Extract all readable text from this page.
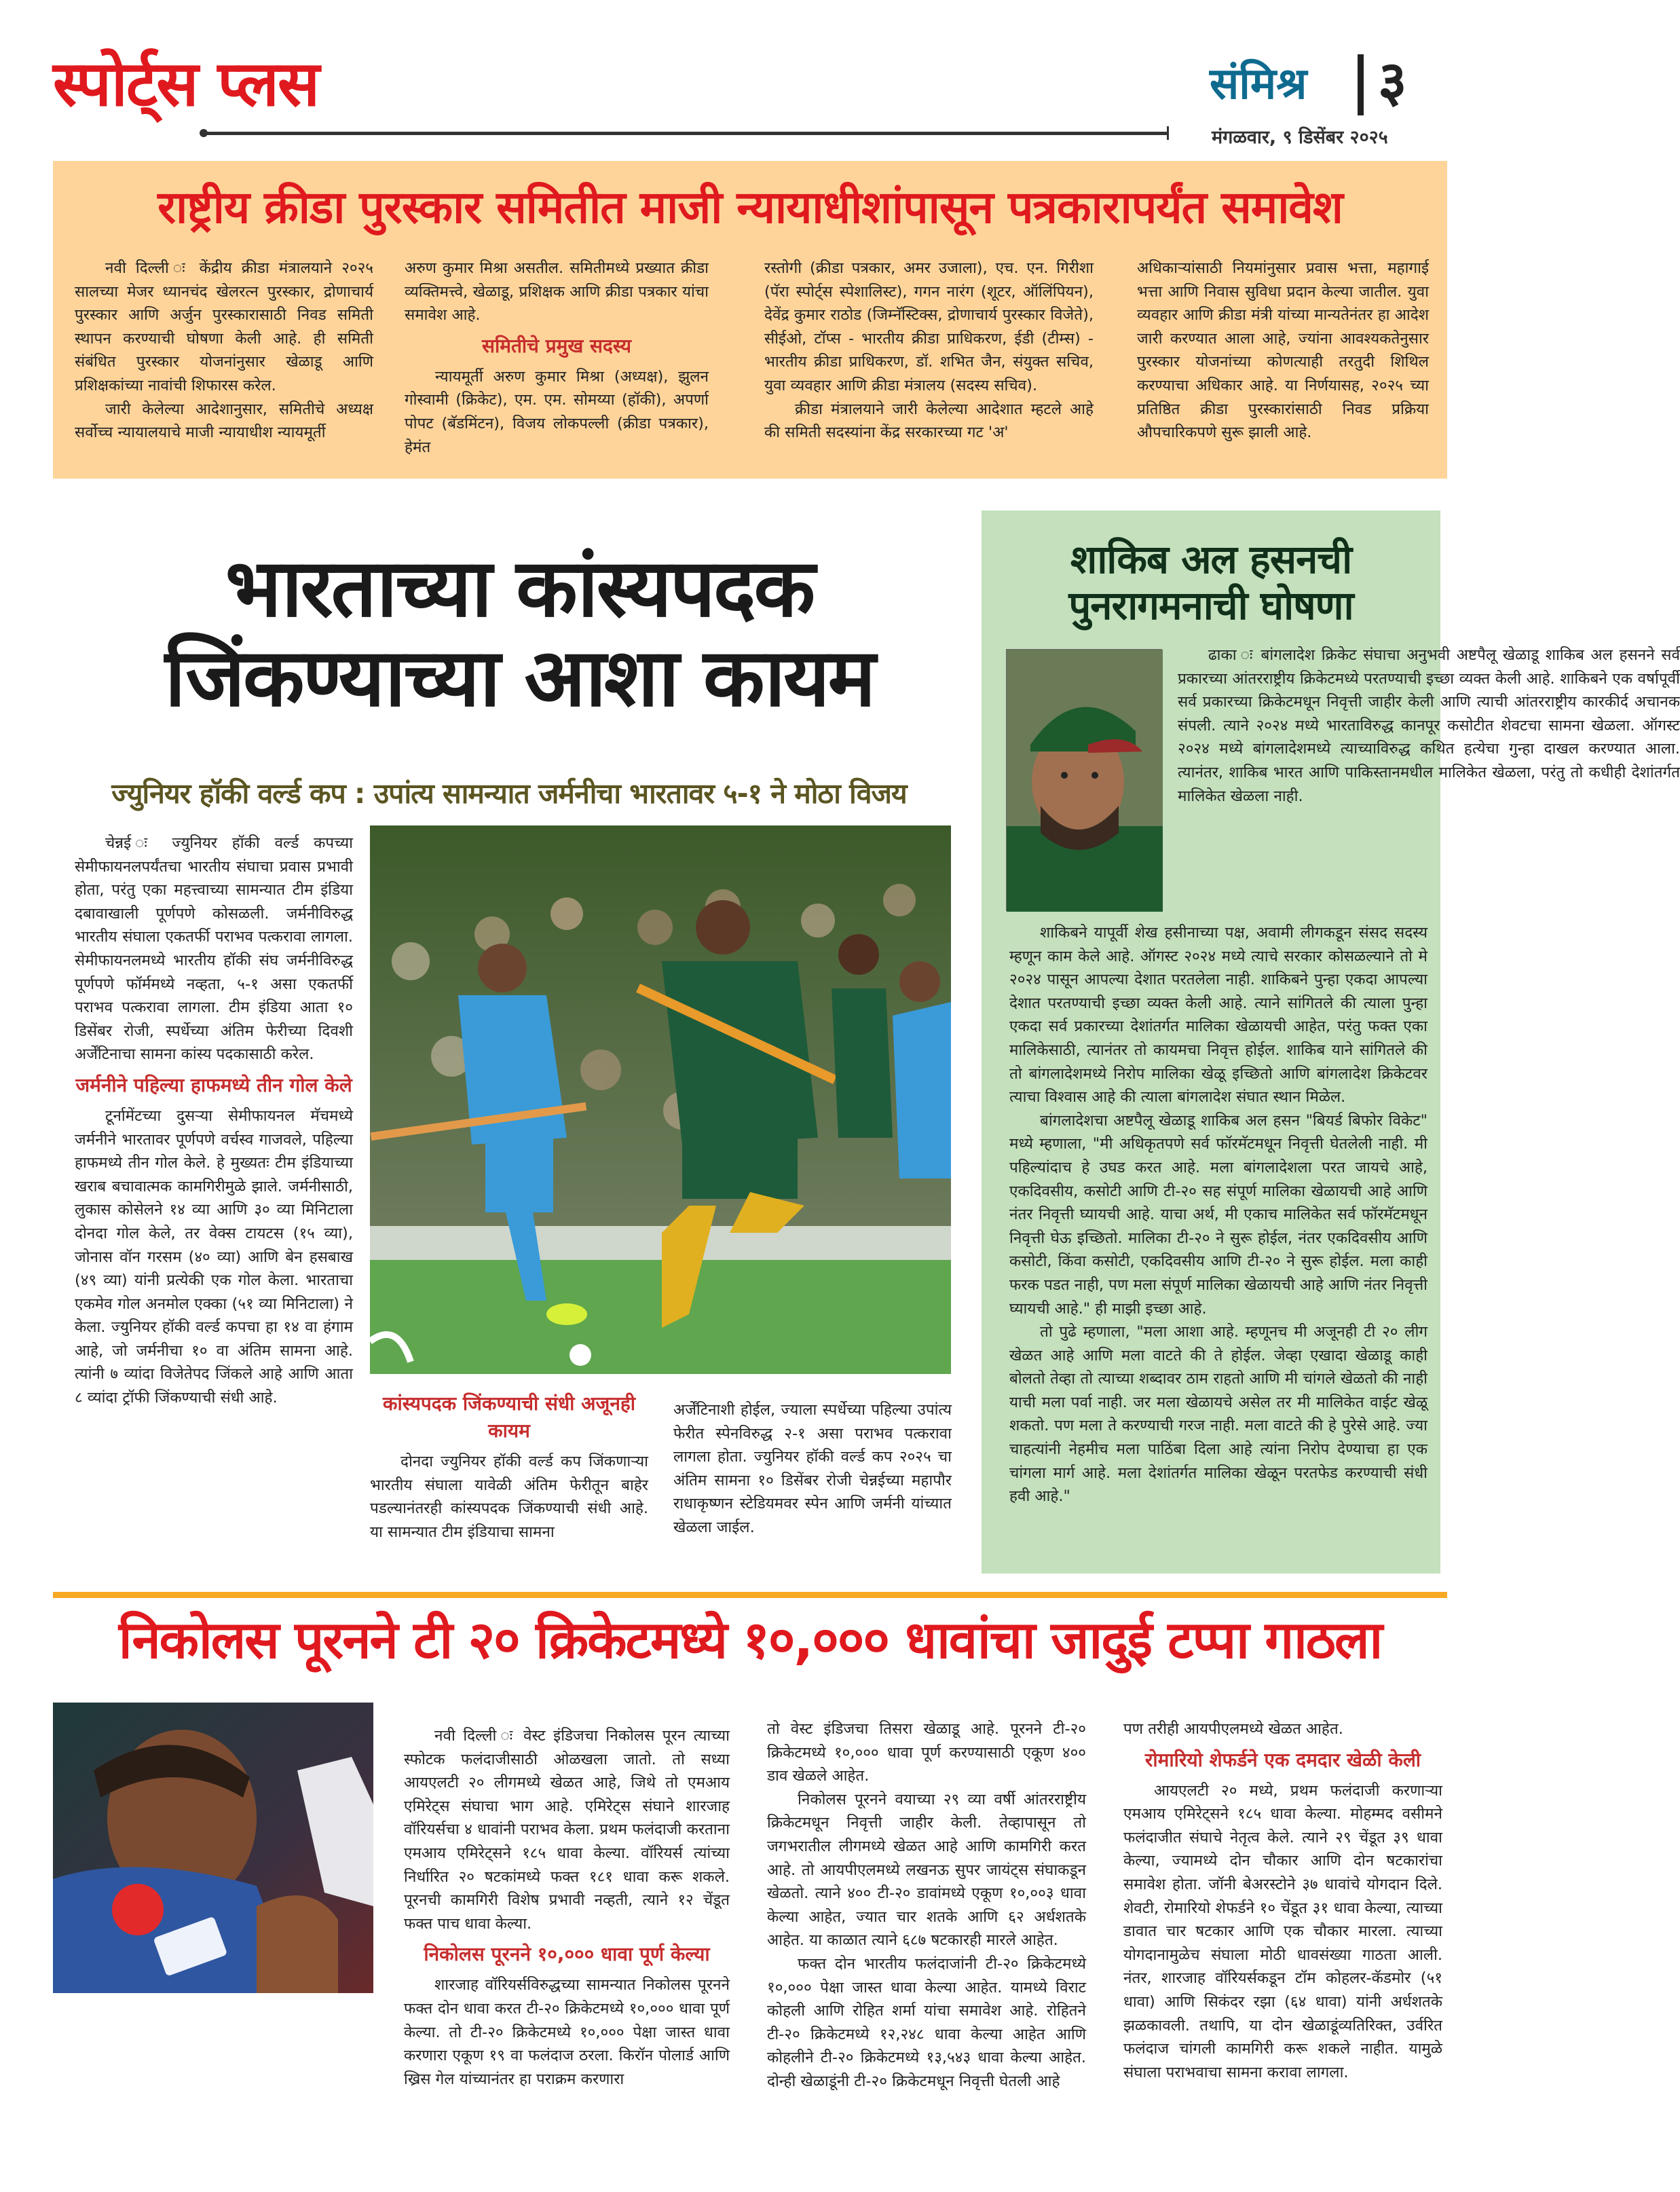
स्पोर्ट्स प्लस	संमिश्र ३
मंगळवार, ९ डिसेंबर २०२५
राष्ट्रीय क्रीडा पुरस्कार समितीत माजी न्यायाधीशांपासून पत्रकारापर्यंत समावेश

नवी दिल्ली ः केंद्रीय क्रीडा मंत्रालयाने २०२५ सालच्या मेजर ध्यानचंद खेलरत्न पुरस्कार, द्रोणाचार्य पुरस्कार आणि अर्जुन पुरस्कारासाठी निवड समिती स्थापन करण्याची घोषणा केली आहे. ही समिती संबंधित पुरस्कार योजनांनुसार खेळाडू आणि प्रशिक्षकांच्या नावांची शिफारस करेल.

जारी केलेल्या आदेशानुसार, समितीचे अध्यक्ष सर्वोच्च न्यायालयाचे माजी न्यायाधीश न्यायमूर्ती

अरुण कुमार मिश्रा असतील. समितीमध्ये प्रख्यात क्रीडा व्यक्तिमत्त्वे, खेळाडू, प्रशिक्षक आणि क्रीडा पत्रकार यांचा समावेश आहे.

समितीचे प्रमुख सदस्य

न्यायमूर्ती अरुण कुमार मिश्रा (अध्यक्ष), झुलन गोस्वामी (क्रिकेट), एम. एम. सोमय्या (हॉकी), अपर्णा पोपट (बॅडमिंटन), विजय लोकपल्ली (क्रीडा पत्रकार), हेमंत

रस्तोगी (क्रीडा पत्रकार, अमर उजाला), एच. एन. गिरीशा (पॅरा स्पोर्ट्स स्पेशालिस्ट), गगन नारंग (शूटर, ऑलिंपियन), देवेंद्र कुमार राठोड (जिम्नॅस्टिक्स, द्रोणाचार्य पुरस्कार विजेते), सीईओ, टॉप्स - भारतीय क्रीडा प्राधिकरण, ईडी (टीम्स) - भारतीय क्रीडा प्राधिकरण, डॉ. शभित जैन, संयुक्त सचिव, युवा व्यवहार आणि क्रीडा मंत्रालय (सदस्य सचिव).

क्रीडा मंत्रालयाने जारी केलेल्या आदेशात म्हटले आहे की समिती सदस्यांना केंद्र सरकारच्या गट 'अ'

अधिकाऱ्यांसाठी नियमांनुसार प्रवास भत्ता, महागाई भत्ता आणि निवास सुविधा प्रदान केल्या जातील. युवा व्यवहार आणि क्रीडा मंत्री यांच्या मान्यतेनंतर हा आदेश जारी करण्यात आला आहे, ज्यांना आवश्यकतेनुसार पुरस्कार योजनांच्या कोणत्याही तरतुदी शिथिल करण्याचा अधिकार आहे. या निर्णयासह, २०२५ च्या प्रतिष्ठित क्रीडा पुरस्कारांसाठी निवड प्रक्रिया औपचारिकपणे सुरू झाली आहे.

भारताच्या कांस्यपदक
जिंकण्याच्या आशा कायम
ज्युनियर हॉकी वर्ल्ड कप : उपांत्य सामन्यात जर्मनीचा भारतावर ५-१ ने मोठा विजय

चेन्नई ः ज्युनियर हॉकी वर्ल्ड कपच्या सेमीफायनलपर्यंतचा भारतीय संघाचा प्रवास प्रभावी होता, परंतु एका महत्त्वाच्या सामन्यात टीम इंडिया दबावाखाली पूर्णपणे कोसळली. जर्मनीविरुद्ध भारतीय संघाला एकतर्फी पराभव पत्करावा लागला. सेमीफायनलमध्ये भारतीय हॉकी संघ जर्मनीविरुद्ध पूर्णपणे फॉर्ममध्ये नव्हता, ५-१ असा एकतर्फी पराभव पत्करावा लागला. टीम इंडिया आता १० डिसेंबर रोजी, स्पर्धेच्या अंतिम फेरीच्या दिवशी अर्जेंटिनाचा सामना कांस्य पदकासाठी करेल.

जर्मनीने पहिल्या हाफमध्ये तीन गोल केले

टूर्नामेंटच्या दुसऱ्या सेमीफायनल मॅचमध्ये जर्मनीने भारतावर पूर्णपणे वर्चस्व गाजवले, पहिल्या हाफमध्ये तीन गोल केले. हे मुख्यतः टीम इंडियाच्या खराब बचावात्मक कामगिरीमुळे झाले. जर्मनीसाठी, लुकास कोसेलने १४ व्या आणि ३० व्या मिनिटाला दोनदा गोल केले, तर वेक्स टायटस (१५ व्या), जोनास वॉन गरसम (४० व्या) आणि बेन हसबाख (४९ व्या) यांनी प्रत्येकी एक गोल केला. भारताचा एकमेव गोल अनमोल एक्का (५१ व्या मिनिटाला) ने केला. ज्युनियर हॉकी वर्ल्ड कपचा हा १४ वा हंगाम आहे, जो जर्मनीचा १० वा अंतिम सामना आहे. त्यांनी ७ व्यांदा विजेतेपद जिंकले आहे आणि आता ८ व्यांदा ट्रॉफी जिंकण्याची संधी आहे.	कांस्यपदक जिंकण्याची संधी अजूनही कायम

दोनदा ज्युनियर हॉकी वर्ल्ड कप जिंकणाऱ्या भारतीय संघाला यावेळी अंतिम फेरीतून बाहेर पडल्यानंतरही कांस्यपदक जिंकण्याची संधी आहे. या सामन्यात टीम इंडियाचा सामना

अर्जेंटिनाशी होईल, ज्याला स्पर्धेच्या पहिल्या उपांत्य फेरीत स्पेनविरुद्ध २-१ असा पराभव पत्करावा लागला होता. ज्युनियर हॉकी वर्ल्ड कप २०२५ चा अंतिम सामना १० डिसेंबर रोजी चेन्नईच्या महापौर राधाकृष्णन स्टेडियमवर स्पेन आणि जर्मनी यांच्यात खेळला जाईल.

शाकिब अल हसनची
पुनरागमनाची घोषणा

ढाका ः बांगलादेश क्रिकेट संघाचा अनुभवी अष्टपैलू खेळाडू शाकिब अल हसनने सर्व प्रकारच्या आंतरराष्ट्रीय क्रिकेटमध्ये परतण्याची इच्छा व्यक्त केली आहे. शाकिबने एक वर्षापूर्वी सर्व प्रकारच्या क्रिकेटमधून निवृत्ती जाहीर केली आणि त्याची आंतरराष्ट्रीय कारकीर्द अचानक संपली. त्याने २०२४ मध्ये भारताविरुद्ध कानपूर कसोटीत शेवटचा सामना खेळला. ऑगस्ट २०२४ मध्ये बांगलादेशमध्ये त्याच्याविरुद्ध कथित हत्येचा गुन्हा दाखल करण्यात आला. त्यानंतर, शाकिब भारत आणि पाकिस्तानमधील मालिकेत खेळला, परंतु तो कधीही देशांतर्गत मालिकेत खेळला नाही.

शाकिबने यापूर्वी शेख हसीनाच्या पक्ष, अवामी लीगकडून संसद सदस्य म्हणून काम केले आहे. ऑगस्ट २०२४ मध्ये त्याचे सरकार कोसळल्याने तो मे २०२४ पासून आपल्या देशात परतलेला नाही. शाकिबने पुन्हा एकदा आपल्या देशात परतण्याची इच्छा व्यक्त केली आहे. त्याने सांगितले की त्याला पुन्हा एकदा सर्व प्रकारच्या देशांतर्गत मालिका खेळायची आहेत, परंतु फक्त एका मालिकेसाठी, त्यानंतर तो कायमचा निवृत्त होईल. शाकिब याने सांगितले की तो बांगलादेशमध्ये निरोप मालिका खेळू इच्छितो आणि बांगलादेश क्रिकेटवर त्याचा विश्वास आहे की त्याला बांगलादेश संघात स्थान मिळेल.

बांगलादेशचा अष्टपैलू खेळाडू शाकिब अल हसन "बियर्ड बिफोर विकेट" मध्ये म्हणाला, "मी अधिकृतपणे सर्व फॉरमॅटमधून निवृत्ती घेतलेली नाही. मी पहिल्यांदाच हे उघड करत आहे. मला बांगलादेशला परत जायचे आहे, एकदिवसीय, कसोटी आणि टी-२० सह संपूर्ण मालिका खेळायची आहे आणि नंतर निवृत्ती घ्यायची आहे. याचा अर्थ, मी एकाच मालिकेत सर्व फॉरमॅटमधून निवृत्ती घेऊ इच्छितो. मालिका टी-२० ने सुरू होईल, नंतर एकदिवसीय आणि कसोटी, किंवा कसोटी, एकदिवसीय आणि टी-२० ने सुरू होईल. मला काही फरक पडत नाही, पण मला संपूर्ण मालिका खेळायची आहे आणि नंतर निवृत्ती घ्यायची आहे." ही माझी इच्छा आहे.

तो पुढे म्हणाला, "मला आशा आहे. म्हणूनच मी अजूनही टी २० लीग खेळत आहे आणि मला वाटते की ते होईल. जेव्हा एखादा खेळाडू काही बोलतो तेव्हा तो त्याच्या शब्दावर ठाम राहतो आणि मी चांगले खेळतो की नाही याची मला पर्वा नाही. जर मला खेळायचे असेल तर मी मालिकेत वाईट खेळू शकतो. पण मला ते करण्याची गरज नाही. मला वाटते की हे पुरेसे आहे. ज्या चाहत्यांनी नेहमीच मला पाठिंबा दिला आहे त्यांना निरोप देण्याचा हा एक चांगला मार्ग आहे. मला देशांतर्गत मालिका खेळून परतफेड करण्याची संधी हवी आहे."

निकोलस पूरनने टी २० क्रिकेटमध्ये १०,००० धावांचा जादुई टप्पा गाठला

नवी दिल्ली ः वेस्ट इंडिजचा निकोलस पूरन त्याच्या स्फोटक फलंदाजीसाठी ओळखला जातो. तो सध्या आयएलटी २० लीगमध्ये खेळत आहे, जिथे तो एमआय एमिरेट्स संघाचा भाग आहे. एमिरेट्स संघाने शारजाह वॉरियर्सचा ४ धावांनी पराभव केला. प्रथम फलंदाजी करताना एमआय एमिरेट्सने १८५ धावा केल्या. वॉरियर्स त्यांच्या निर्धारित २० षटकांमध्ये फक्त १८१ धावा करू शकले. पूरनची कामगिरी विशेष प्रभावी नव्हती, त्याने १२ चेंडूत फक्त पाच धावा केल्या.

निकोलस पूरनने १०,००० धावा पूर्ण केल्या

शारजाह वॉरियर्सविरुद्धच्या सामन्यात निकोलस पूरनने फक्त दोन धावा करत टी-२० क्रिकेटमध्ये १०,००० धावा पूर्ण केल्या. तो टी-२० क्रिकेटमध्ये १०,००० पेक्षा जास्त धावा करणारा एकूण १९ वा फलंदाज ठरला. किरॉन पोलार्ड आणि ख्रिस गेल यांच्यानंतर हा पराक्रम करणारा

तो वेस्ट इंडिजचा तिसरा खेळाडू आहे. पूरनने टी-२० क्रिकेटमध्ये १०,००० धावा पूर्ण करण्यासाठी एकूण ४०० डाव खेळले आहेत.

निकोलस पूरनने वयाच्या २९ व्या वर्षी आंतरराष्ट्रीय क्रिकेटमधून निवृत्ती जाहीर केली. तेव्हापासून तो जगभरातील लीगमध्ये खेळत आहे आणि कामगिरी करत आहे. तो आयपीएलमध्ये लखनऊ सुपर जायंट्स संघाकडून खेळतो. त्याने ४०० टी-२० डावांमध्ये एकूण १०,००३ धावा केल्या आहेत, ज्यात चार शतके आणि ६२ अर्धशतके आहेत. या काळात त्याने ६८७ षटकारही मारले आहेत.

फक्त दोन भारतीय फलंदाजांनी टी-२० क्रिकेटमध्ये १०,००० पेक्षा जास्त धावा केल्या आहेत. यामध्ये विराट कोहली आणि रोहित शर्मा यांचा समावेश आहे. रोहितने टी-२० क्रिकेटमध्ये १२,२४८ धावा केल्या आहेत आणि कोहलीने टी-२० क्रिकेटमध्ये १३,५४३ धावा केल्या आहेत. दोन्ही खेळाडूंनी टी-२० क्रिकेटमधून निवृत्ती घेतली आहे

पण तरीही आयपीएलमध्ये खेळत आहेत.

रोमारियो शेफर्डने एक दमदार खेळी केली

आयएलटी २० मध्ये, प्रथम फलंदाजी करणाऱ्या एमआय एमिरेट्सने १८५ धावा केल्या. मोहम्मद वसीमने फलंदाजीत संघाचे नेतृत्व केले. त्याने २९ चेंडूत ३९ धावा केल्या, ज्यामध्ये दोन चौकार आणि दोन षटकारांचा समावेश होता. जॉनी बेअरस्टोने ३७ धावांचे योगदान दिले. शेवटी, रोमारियो शेफर्डने १० चेंडूत ३१ धावा केल्या, त्याच्या डावात चार षटकार आणि एक चौकार मारला. त्याच्या योगदानामुळेच संघाला मोठी धावसंख्या गाठता आली. नंतर, शारजाह वॉरियर्सकडून टॉम कोहलर-कॅडमोर (५१ धावा) आणि सिकंदर रझा (६४ धावा) यांनी अर्धशतके झळकावली. तथापि, या दोन खेळाडूंव्यतिरिक्त, उर्वरित फलंदाज चांगली कामगिरी करू शकले नाहीत. यामुळे संघाला पराभवाचा सामना करावा लागला.
